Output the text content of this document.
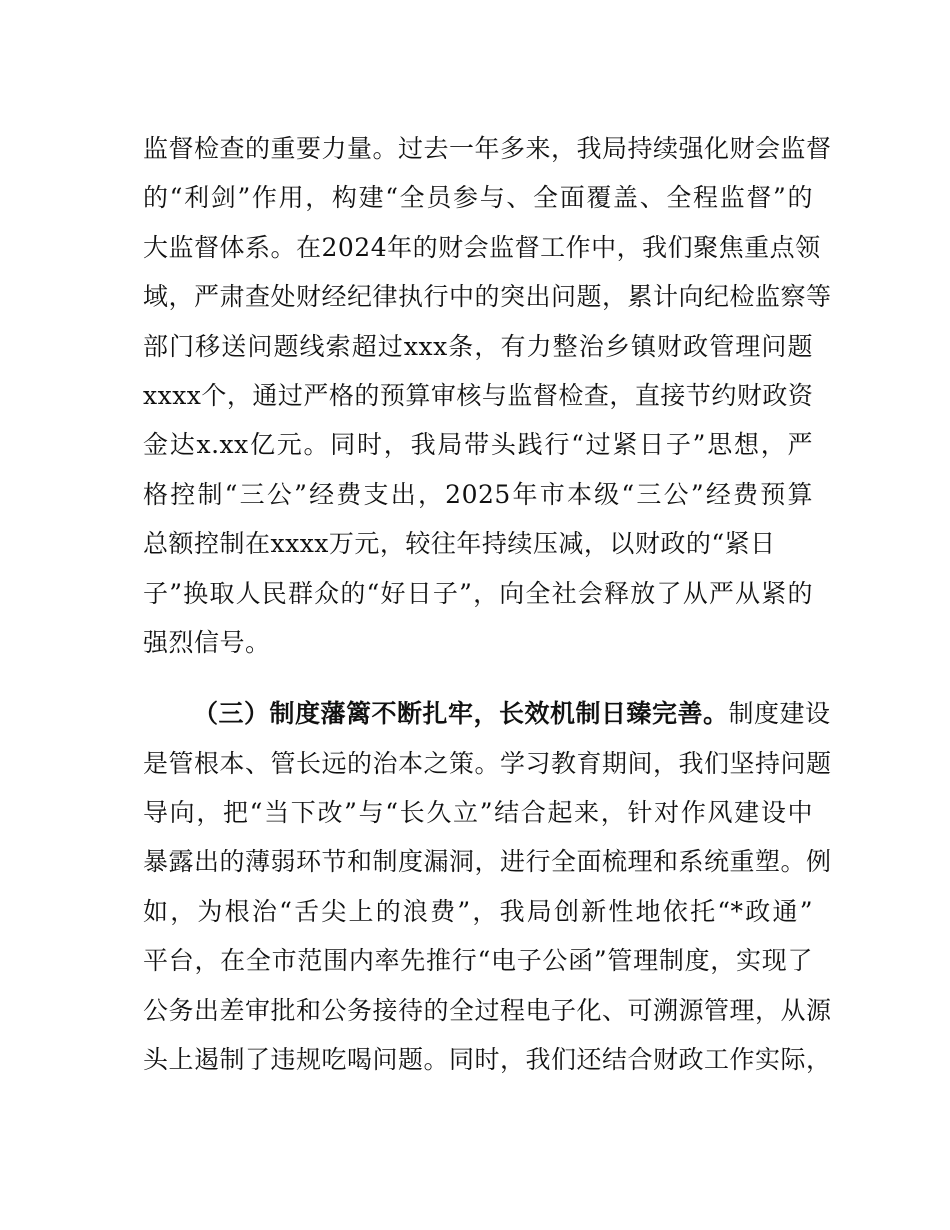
监督检查的重要力量。过去一年多来，我局持续强化财会监督
的“利剑”作用，构建“全员参与、全面覆盖、全程监督”的
大监督体系。在2024年的财会监督工作中，我们聚焦重点领
域，严肃查处财经纪律执行中的突出问题，累计向纪检监察等
部门移送问题线索超过xxx条，有力整治乡镇财政管理问题
xxxx个，通过严格的预算审核与监督检查，直接节约财政资
金达x.xx亿元。同时，我局带头践行“过紧日子”思想，严
格控制“三公”经费支出，2025年市本级“三公”经费预算
总额控制在xxxx万元，较往年持续压减，以财政的“紧日
子”换取人民群众的“好日子”，向全社会释放了从严从紧的
强烈信号。
（三）制度藩篱不断扎牢，长效机制日臻完善。 制度建设
是管根本、管长远的治本之策。学习教育期间，我们坚持问题
导向，把“当下改”与“长久立”结合起来，针对作风建设中
暴露出的薄弱环节和制度漏洞，进行全面梳理和系统重塑。例
如，为根治“舌尖上的浪费”，我局创新性地依托“*政通”
平台，在全市范围内率先推行“电子公函”管理制度，实现了
公务出差审批和公务接待的全过程电子化、可溯源管理，从源
头上遏制了违规吃喝问题。同时，我们还结合财政工作实际，
